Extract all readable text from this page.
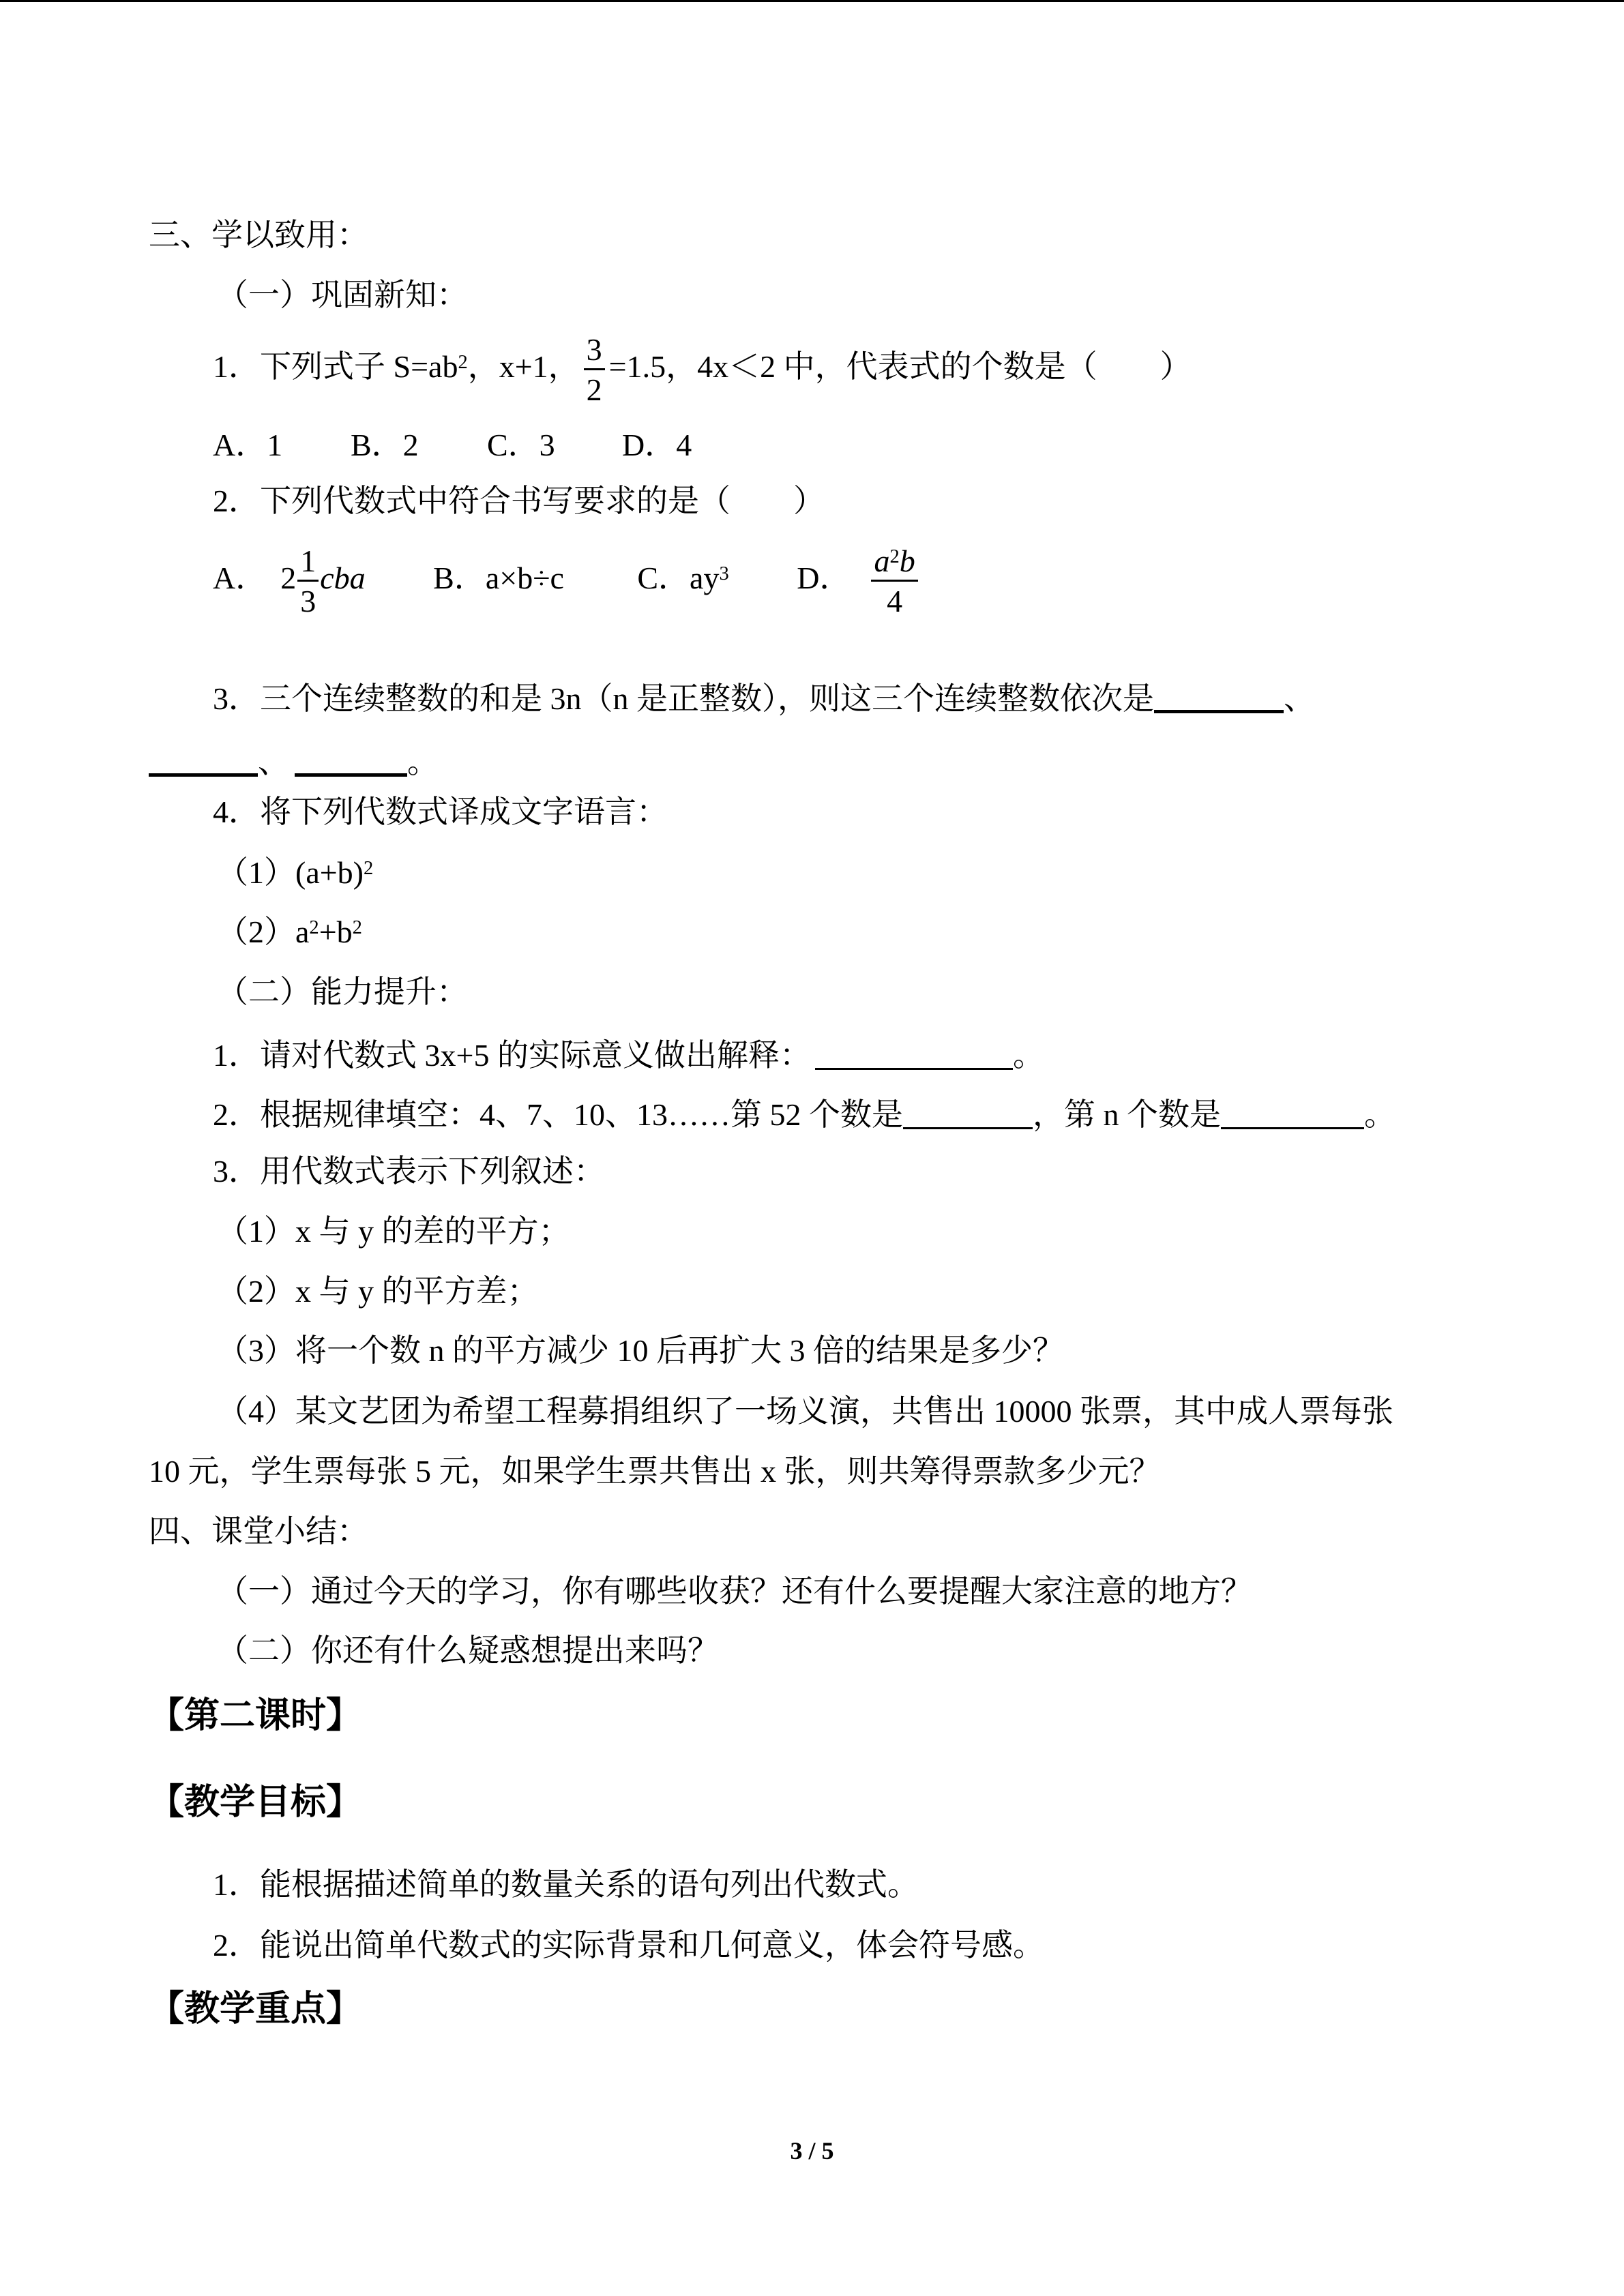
三、学以致用：
（一）巩固新知：
1．下列式子 $S=ab^2$，x+1， $\frac{3}{2} =1.5$，4x＜2 中，代表式的个数是（　　）
A．1 B．2 C．3 D．4
2．下列代数式中符合书写要求的是（　　）
A． $2 \frac{1}{3}$ cba B．a×b÷c C．$ay^3$ D． $\frac{a^2b}{4}$
3．三个连续整数的和是 3n（n 是正整数），则这三个连续整数依次是	、
、	。
4．将下列代数式译成文字语言：
$(1)(a+b)^2$
$(2)a^2+b^2$
（二）能力提升：
1．请对代数式 3x+5 的实际意义做出解释：	。
2．根据规律填空：4、7、10、13……第 52 个数是	，第 n 个数是	。
3．用代数式表示下列叙述：
（1）x 与 y 的差的平方；
（2）x 与 y 的平方差；
（3）将一个数 n 的平方减少 10 后再扩大 3 倍的结果是多少？
（4）某文艺团为希望工程募捐组织了一场义演，共售出 10000 张票，其中成人票每张
10 元，学生票每张 5 元，如果学生票共售出 x 张，则共筹得票款多少元？
四、课堂小结：
（一）通过今天的学习，你有哪些收获？还有什么要提醒大家注意的地方？
（二）你还有什么疑惑想提出来吗？
【第二课时】
【教学目标】
1．能根据描述简单的数量关系的语句列出代数式。
2．能说出简单代数式的实际背景和几何意义，体会符号感。
【教学重点】
3 / 5
